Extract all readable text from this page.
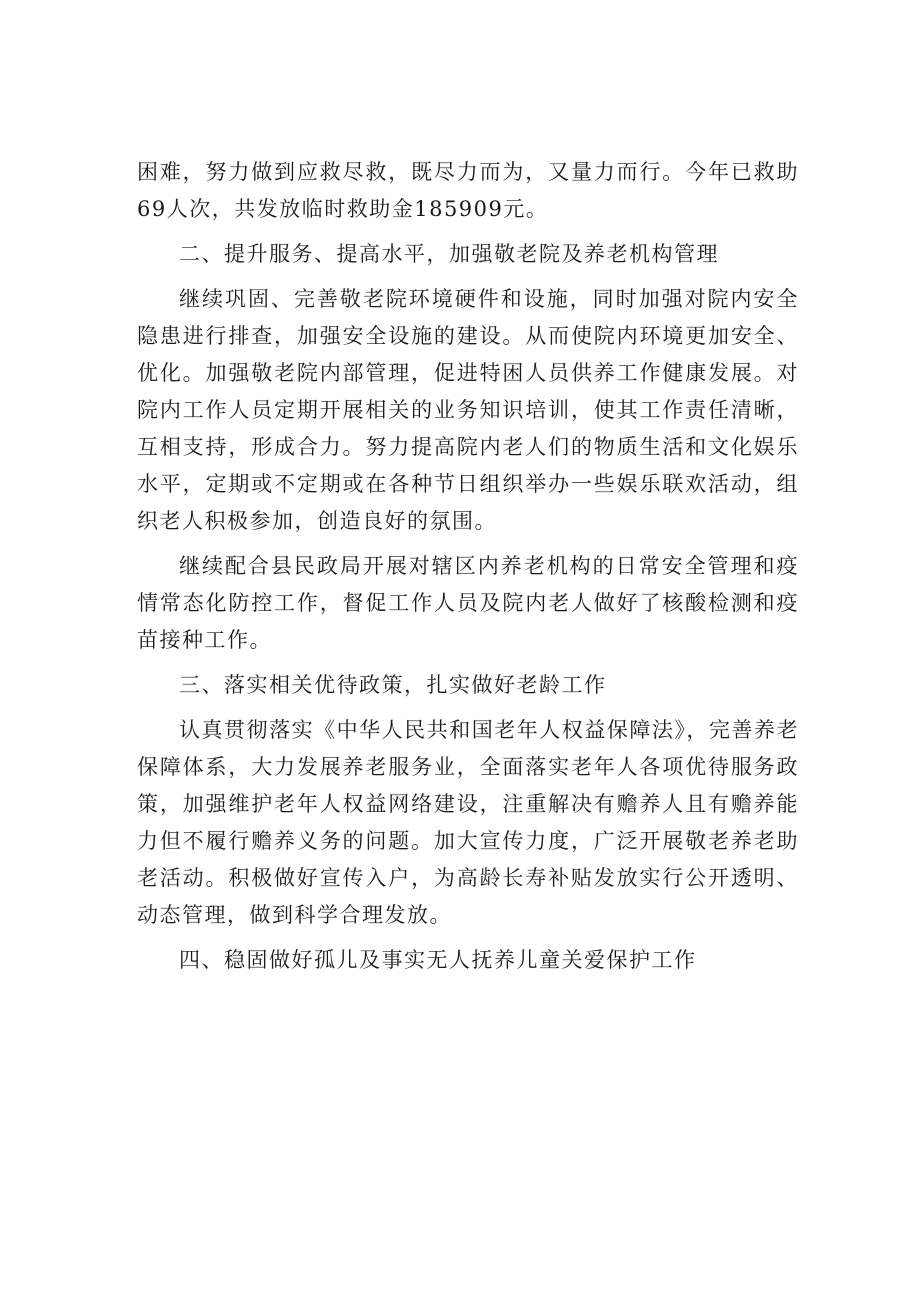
困难，努力做到应救尽救，既尽力而为，又量力而行。今年已救助69人次，共发放临时救助金185909元。

二、提升服务、提高水平，加强敬老院及养老机构管理

继续巩固、完善敬老院环境硬件和设施，同时加强对院内安全隐患进行排查，加强安全设施的建设。从而使院内环境更加安全、优化。加强敬老院内部管理，促进特困人员供养工作健康发展。对院内工作人员定期开展相关的业务知识培训，使其工作责任清晰，互相支持，形成合力。努力提高院内老人们的物质生活和文化娱乐水平，定期或不定期或在各种节日组织举办一些娱乐联欢活动，组织老人积极参加，创造良好的氛围。

继续配合县民政局开展对辖区内养老机构的日常安全管理和疫情常态化防控工作，督促工作人员及院内老人做好了核酸检测和疫苗接种工作。

三、落实相关优待政策，扎实做好老龄工作

认真贯彻落实《中华人民共和国老年人权益保障法》，完善养老保障体系，大力发展养老服务业，全面落实老年人各项优待服务政策，加强维护老年人权益网络建设，注重解决有赡养人且有赡养能力但不履行赡养义务的问题。加大宣传力度，广泛开展敬老养老助老活动。积极做好宣传入户，为高龄长寿补贴发放实行公开透明、动态管理，做到科学合理发放。

四、稳固做好孤儿及事实无人抚养儿童关爱保护工作
